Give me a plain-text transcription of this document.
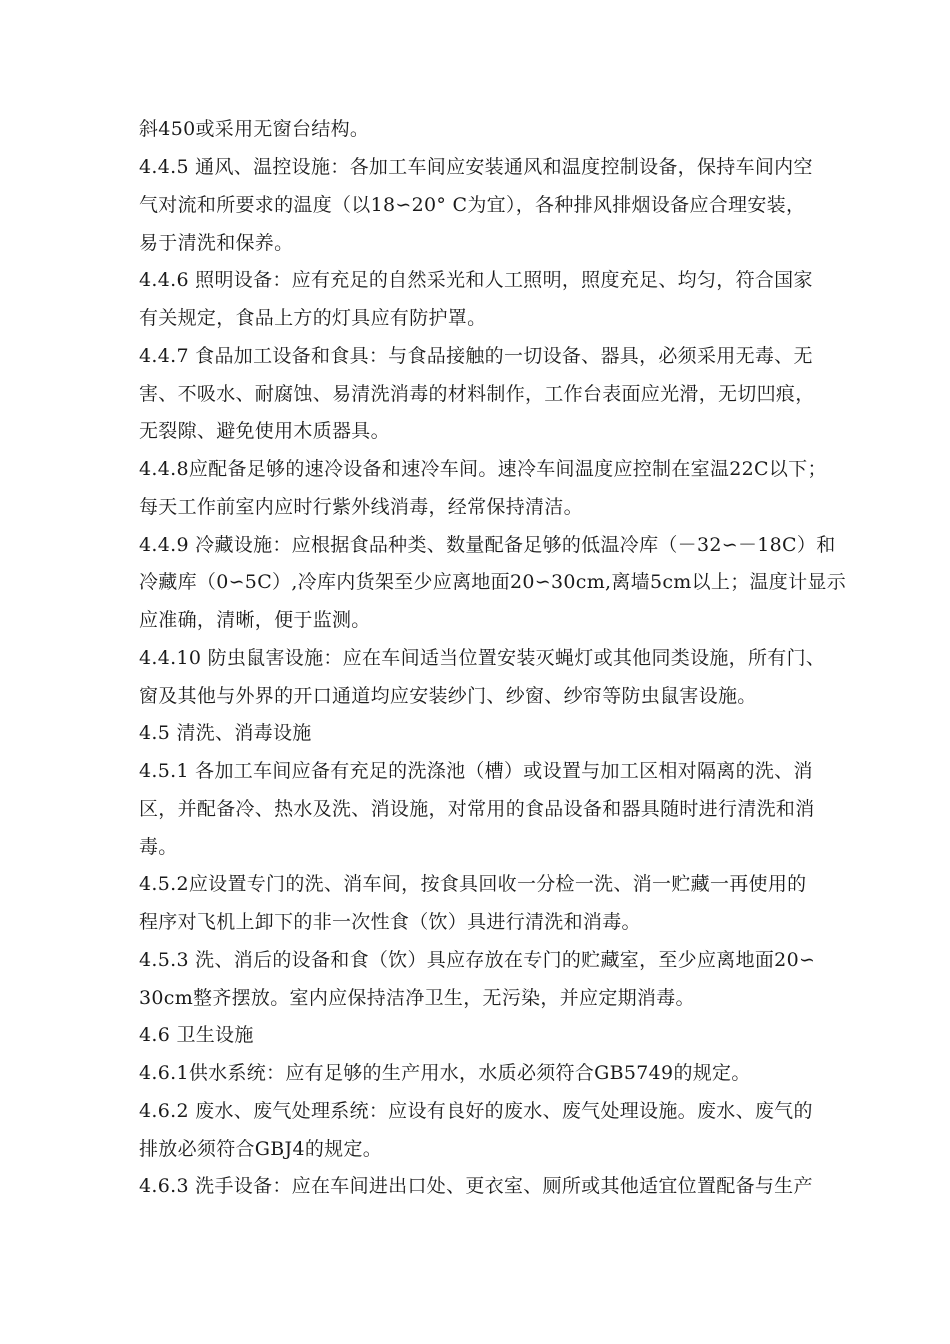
斜450或采用无窗台结构。
4.4.5 通风、温控设施：各加工车间应安装通风和温度控制设备，保持车间内空
气对流和所要求的温度（以18∽20° C为宜），各种排风排烟设备应合理安装，
易于清洗和保养。
4.4.6 照明设备：应有充足的自然采光和人工照明，照度充足、均匀，符合国家
有关规定，食品上方的灯具应有防护罩。
4.4.7 食品加工设备和食具：与食品接触的一切设备、器具，必须采用无毒、无
害、不吸水、耐腐蚀、易清洗消毒的材料制作，工作台表面应光滑，无切凹痕，
无裂隙、避免使用木质器具。
4.4.8应配备足够的速冷设备和速冷车间。速冷车间温度应控制在室温22C以下；
每天工作前室内应时行紫外线消毒，经常保持清洁。
4.4.9 冷藏设施：应根据食品种类、数量配备足够的低温冷库（－32∽－18C）和
冷藏库（0∽5C）,冷库内货架至少应离地面20∽30cm,离墙5cm以上；温度计显示
应准确，清晰，便于监测。
4.4.10 防虫鼠害设施：应在车间适当位置安装灭蝇灯或其他同类设施，所有门、
窗及其他与外界的开口通道均应安装纱门、纱窗、纱帘等防虫鼠害设施。
4.5 清洗、消毒设施
4.5.1 各加工车间应备有充足的洗涤池（槽）或设置与加工区相对隔离的洗、消
区，并配备冷、热水及洗、消设施，对常用的食品设备和器具随时进行清洗和消
毒。
4.5.2应设置专门的洗、消车间，按食具回收一分检一洗、消一贮藏一再使用的
程序对飞机上卸下的非一次性食（饮）具进行清洗和消毒。
4.5.3 洗、消后的设备和食（饮）具应存放在专门的贮藏室，至少应离地面20∽
30cm整齐摆放。室内应保持洁净卫生，无污染，并应定期消毒。
4.6 卫生设施
4.6.1供水系统：应有足够的生产用水，水质必须符合GB5749的规定。
4.6.2 废水、废气处理系统：应设有良好的废水、废气处理设施。废水、废气的
排放必须符合GBJ4的规定。
4.6.3 洗手设备：应在车间进出口处、更衣室、厕所或其他适宜位置配备与生产
